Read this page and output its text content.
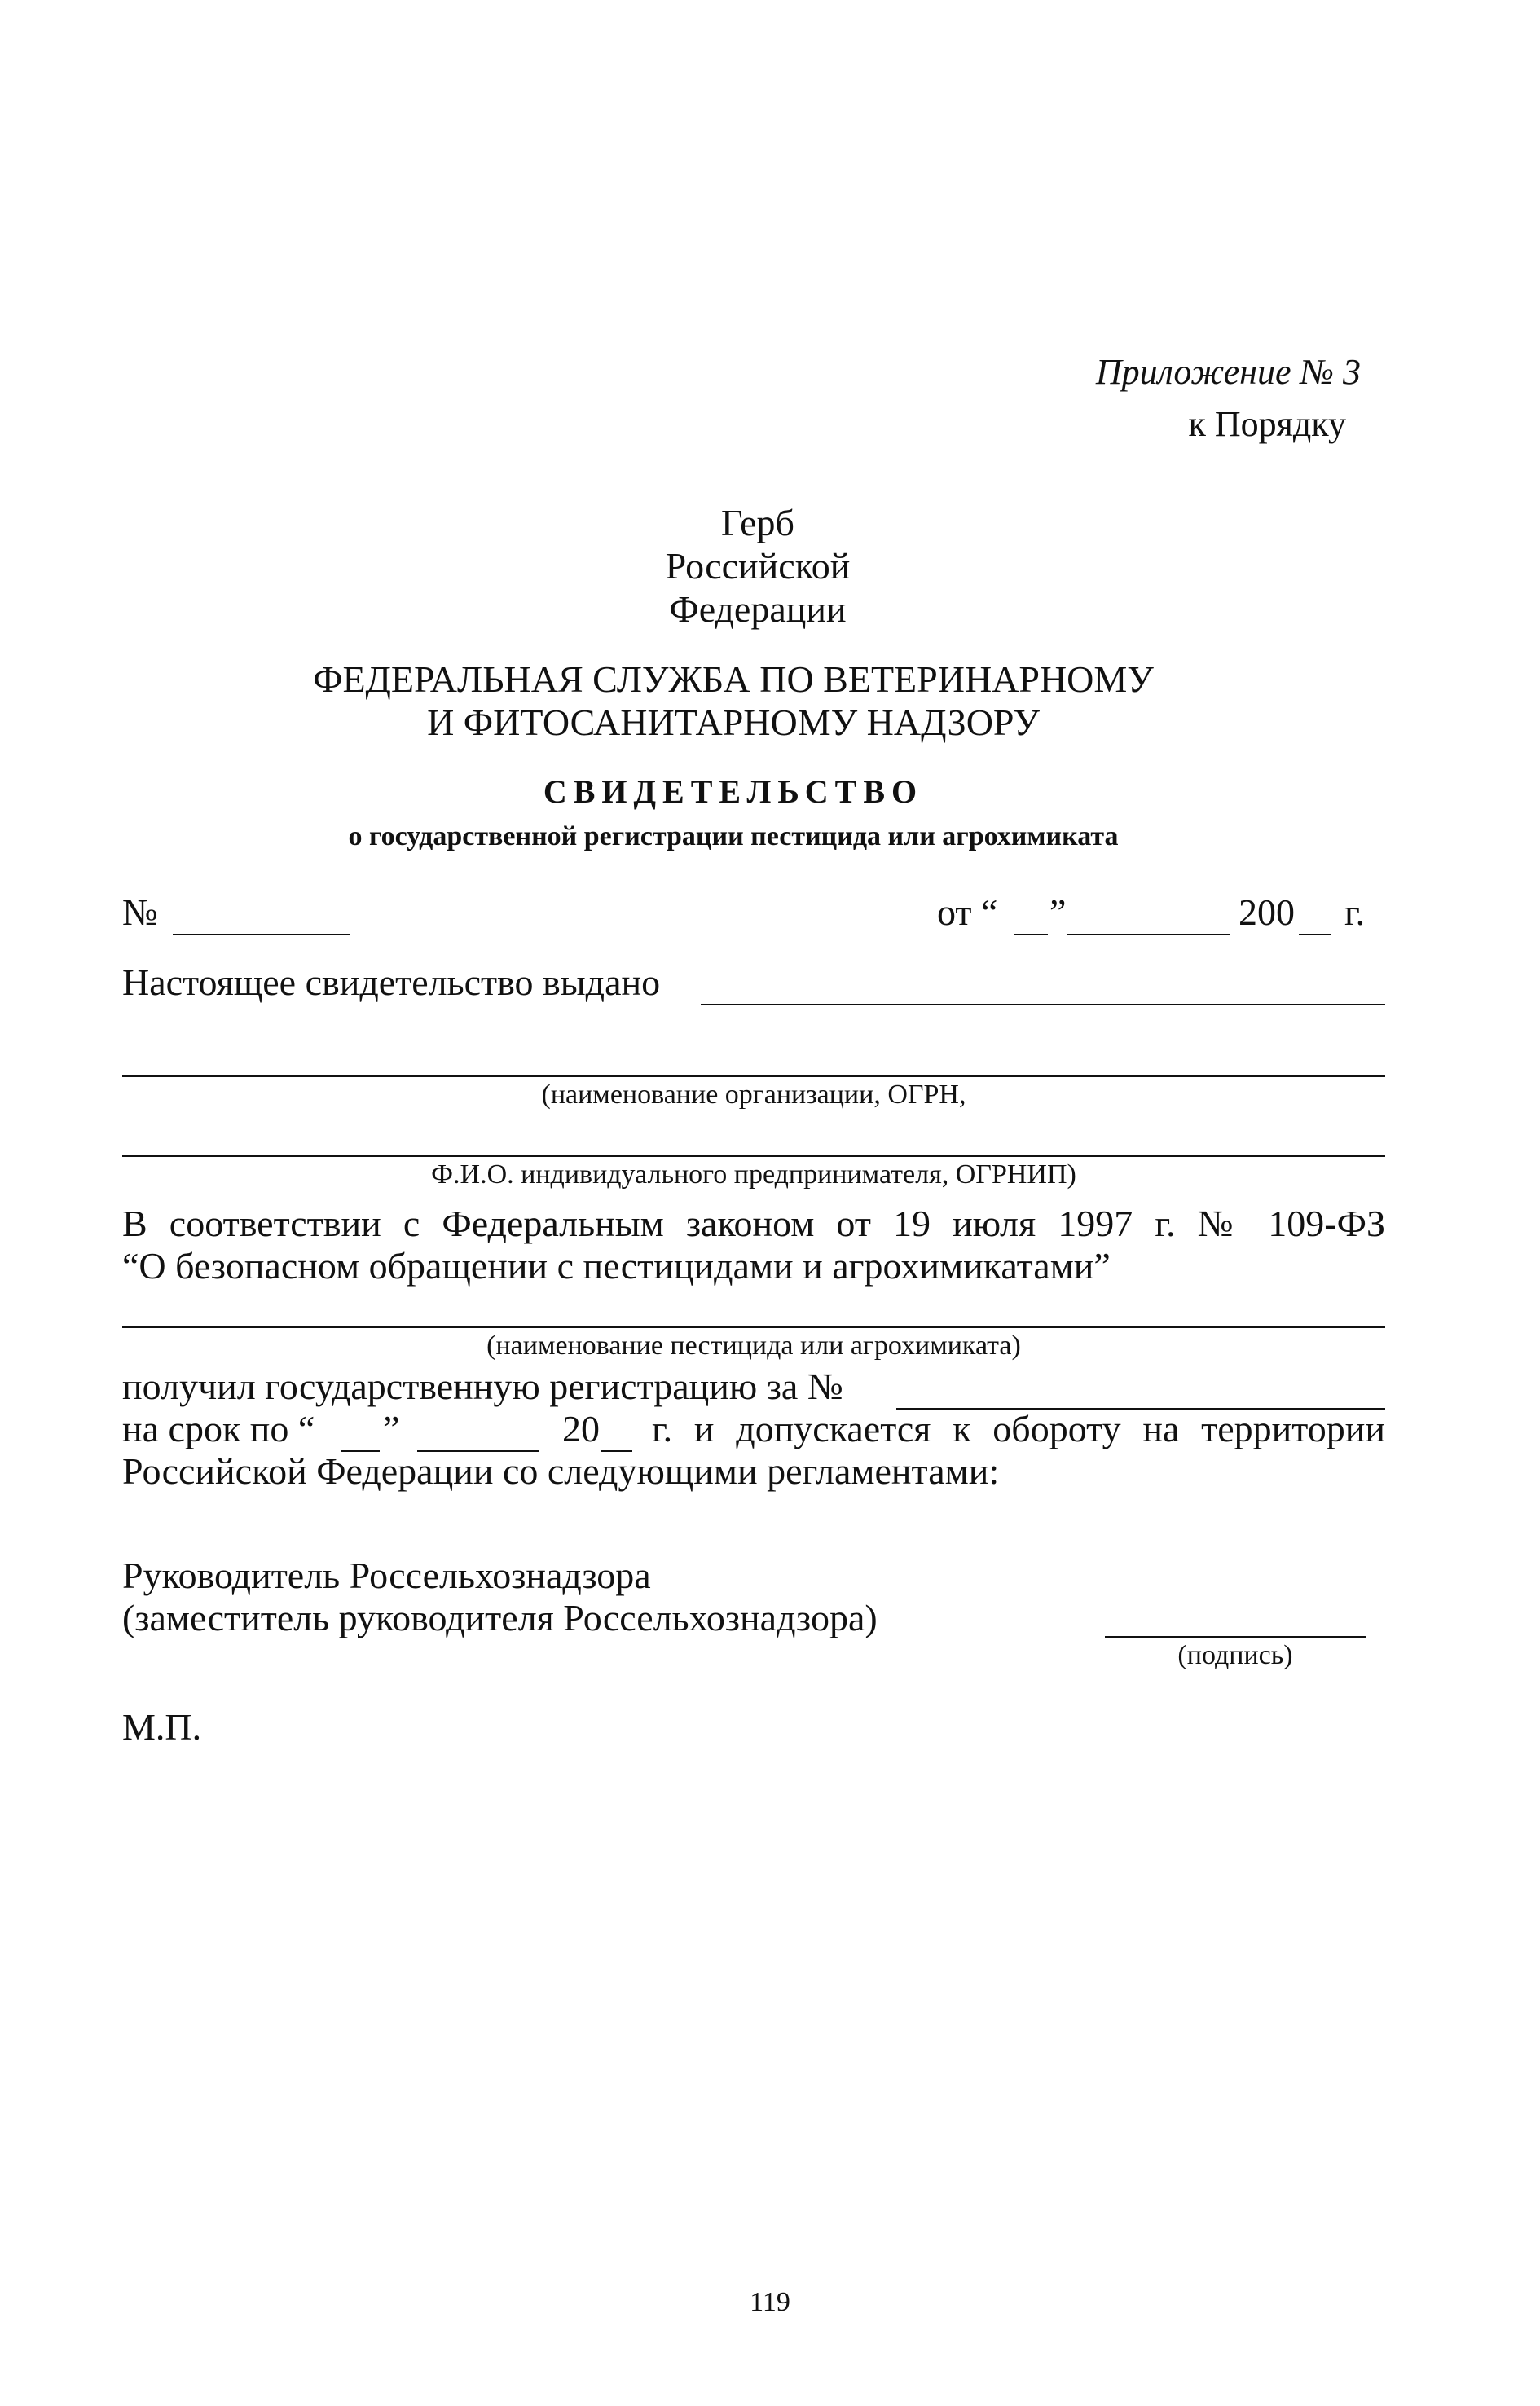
Приложение № 3
к Порядку
Герб
Российской
Федерации
ФЕДЕРАЛЬНАЯ СЛУЖБА ПО ВЕТЕРИНАРНОМУ
И ФИТОСАНИТАРНОМУ НАДЗОРУ
СВИДЕТЕЛЬСТВО
о государственной регистрации пестицида или агрохимиката
№	от “ ”	200 г.
Настоящее свидетельство выдано
(наименование организации, ОГРН,
Ф.И.О. индивидуального предпринимателя, ОГРНИП)
В соответствии с Федеральным законом от 19 июля 1997 г. № 109-ФЗ
“О безопасном обращении с пестицидами и агрохимикатами”
(наименование пестицида или агрохимиката)
получил государственную регистрацию за №
на срок по “ ”	20 г. и допускается к обороту на территории
Российской Федерации со следующими регламентами:
Руководитель Россельхознадзора
(заместитель руководителя Россельхознадзора)
(подпись)
М.П.
119
